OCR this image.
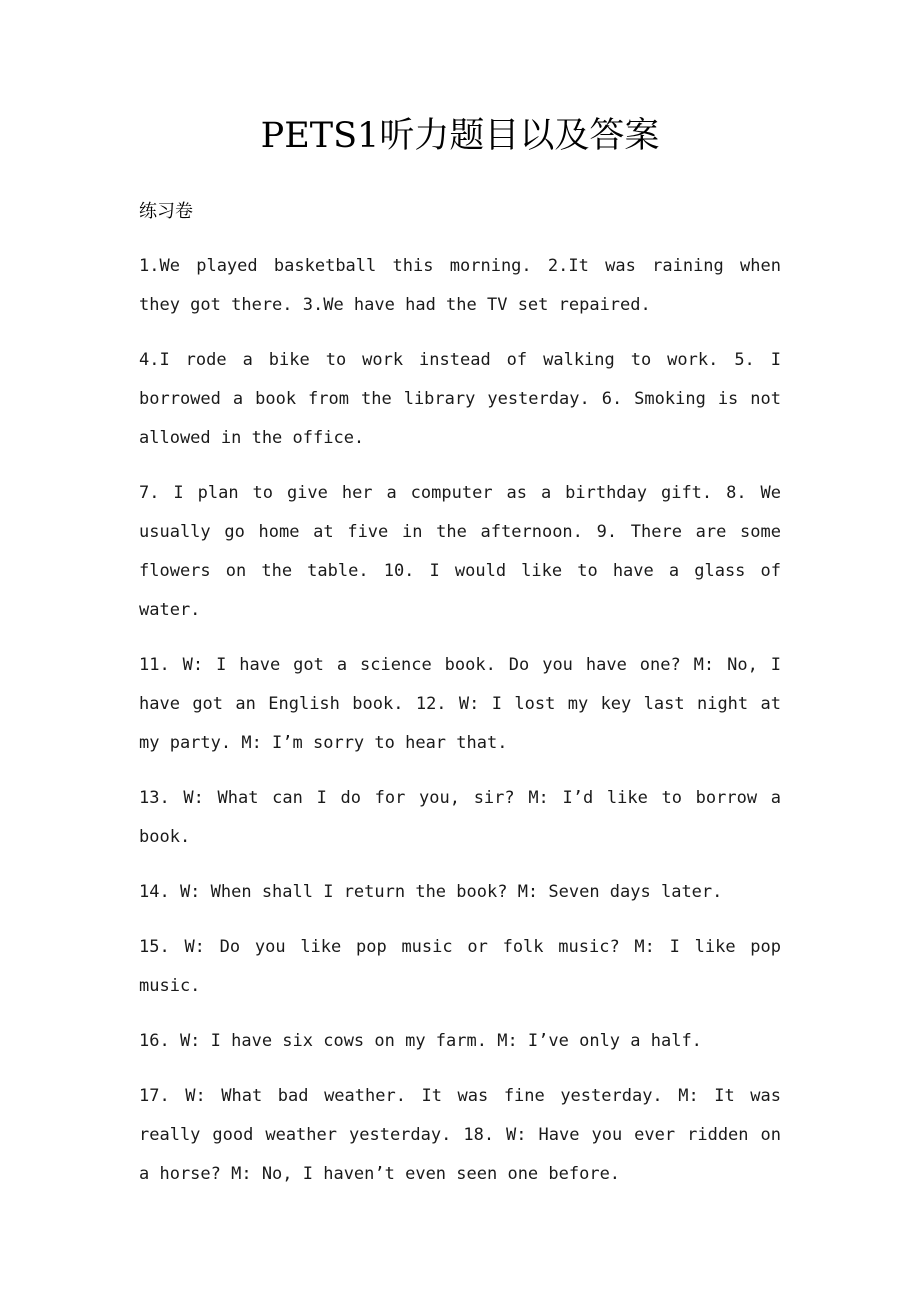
PETS1听力题目以及答案

练习卷

1.We played basketball this morning. 2.It was raining when they got there. 3.We have had the TV set repaired.

4.I rode a bike to work instead of walking to work. 5. I borrowed a book from the library yesterday. 6. Smoking is not allowed in the office.

7. I plan to give her a computer as a birthday gift. 8. We usually go home at five in the afternoon. 9. There are some flowers on the table. 10. I would like to have a glass of water.

11. W: I have got a science book. Do you have one? M: No, I have got an English book. 12. W: I lost my key last night at my party. M: I’m sorry to hear that.

13. W: What can I do for you, sir? M: I’d like to borrow a book.

14. W: When shall I return the book? M: Seven days later.

15. W: Do you like pop music or folk music? M: I like pop music.

16. W: I have six cows on my farm. M: I’ve only a half.

17. W: What bad weather. It was fine yesterday. M: It was really good weather yesterday. 18. W: Have you ever ridden on a horse? M: No, I haven’t even seen one before.
